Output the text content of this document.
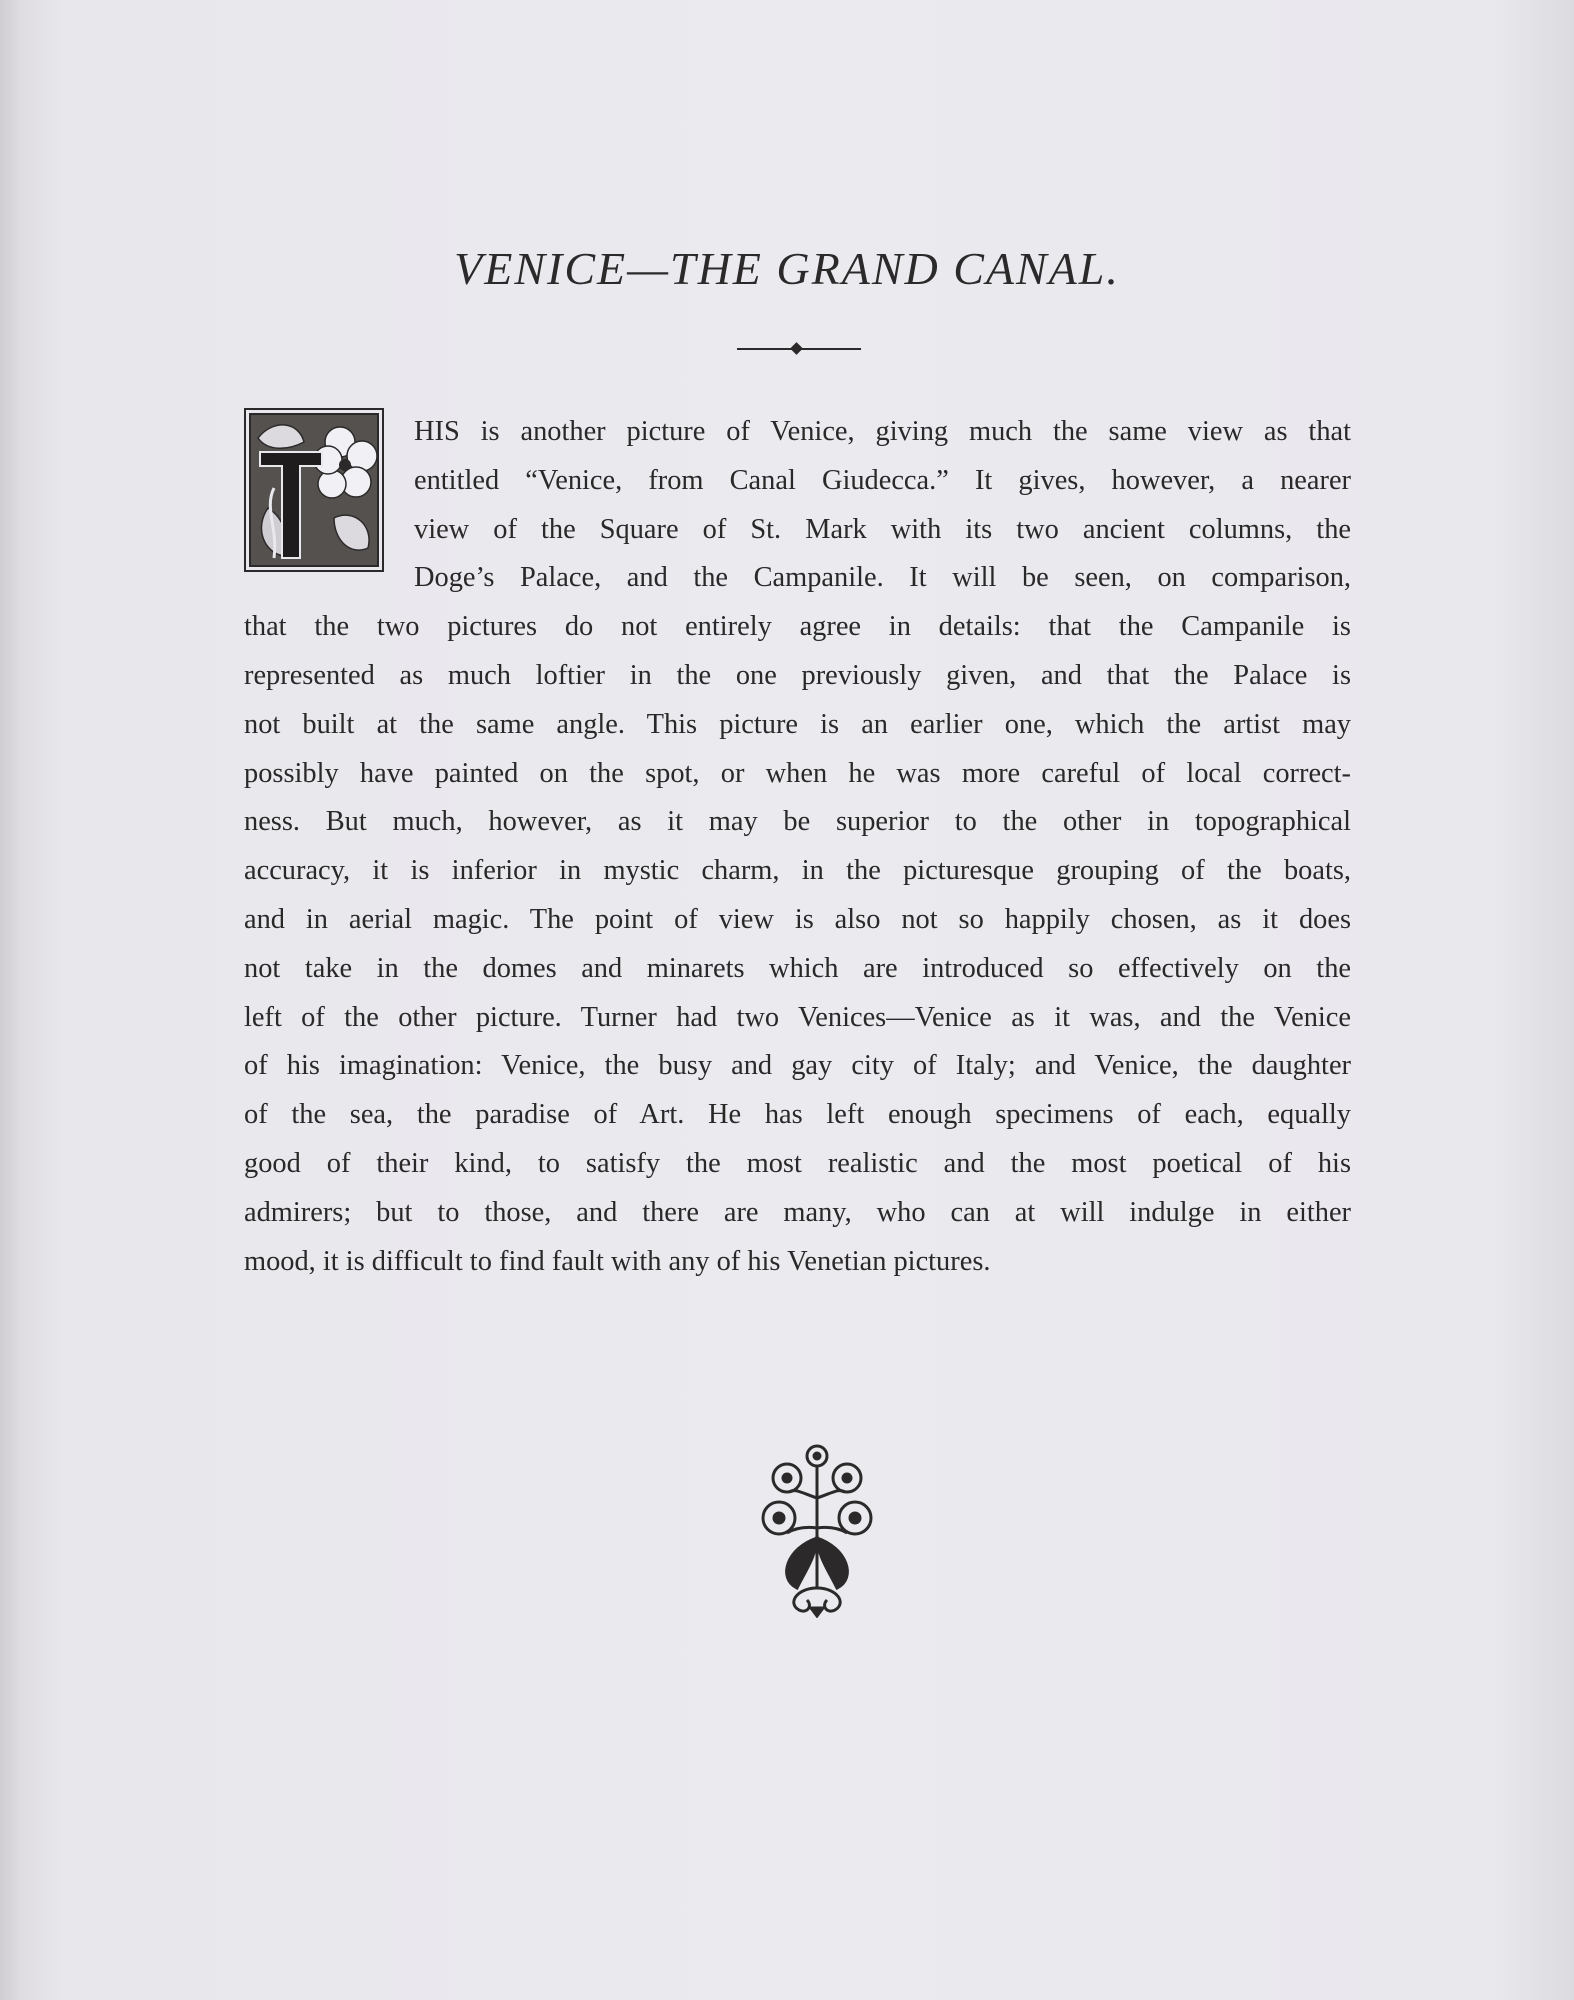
VENICE—THE GRAND CANAL.
HIS is another picture of Venice, giving much the same view as that
entitled “Venice, from Canal Giudecca.” It gives, however, a nearer
view of the Square of St. Mark with its two ancient columns, the
Doge’s Palace, and the Campanile. It will be seen, on comparison,
that the two pictures do not entirely agree in details: that the Campanile is
represented as much loftier in the one previously given, and that the Palace is
not built at the same angle. This picture is an earlier one, which the artist may
possibly have painted on the spot, or when he was more careful of local correct-
ness. But much, however, as it may be superior to the other in topographical
accuracy, it is inferior in mystic charm, in the picturesque grouping of the boats,
and in aerial magic. The point of view is also not so happily chosen, as it does
not take in the domes and minarets which are introduced so effectively on the
left of the other picture. Turner had two Venices—Venice as it was, and the Venice
of his imagination: Venice, the busy and gay city of Italy; and Venice, the daughter
of the sea, the paradise of Art. He has left enough specimens of each, equally
good of their kind, to satisfy the most realistic and the most poetical of his
admirers; but to those, and there are many, who can at will indulge in either
mood, it is difficult to find fault with any of his Venetian pictures.
